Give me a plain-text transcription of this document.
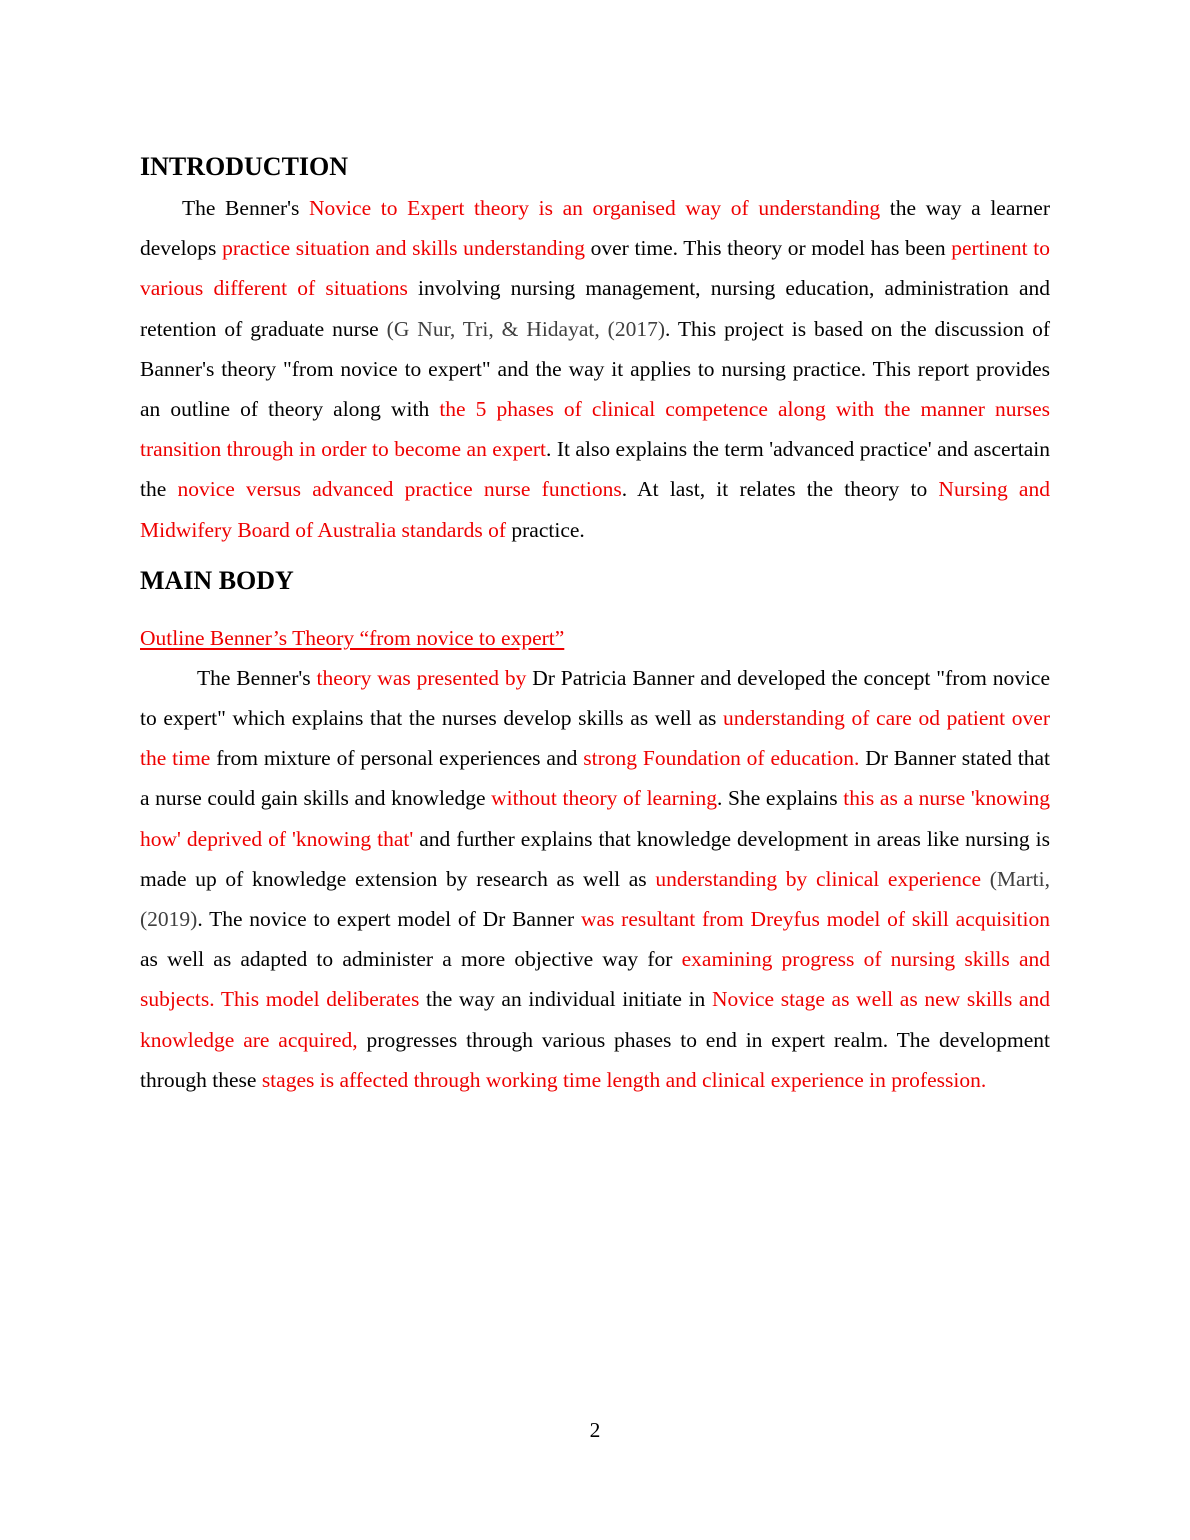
INTRODUCTION

The Benner's Novice to Expert theory is an organised way of understanding the way a learner develops practice situation and skills understanding over time. This theory or model has been pertinent to various different of situations involving nursing management, nursing education, administration and retention of graduate nurse (G Nur, Tri, & Hidayat, (2017). This project is based on the discussion of Banner's theory "from novice to expert" and the way it applies to nursing practice. This report provides an outline of theory along with the 5 phases of clinical competence along with the manner nurses transition through in order to become an expert. It also explains the term 'advanced practice' and ascertain the novice versus advanced practice nurse functions. At last, it relates the theory to Nursing and Midwifery Board of Australia standards of practice.

MAIN BODY

Outline Benner’s Theory “from novice to expert”

The Benner's theory was presented by Dr Patricia Banner and developed the concept "from novice to expert" which explains that the nurses develop skills as well as understanding of care od patient over the time from mixture of personal experiences and strong Foundation of education. Dr Banner stated that a nurse could gain skills and knowledge without theory of learning. She explains this as a nurse 'knowing how' deprived of 'knowing that' and further explains that knowledge development in areas like nursing is made up of knowledge extension by research as well as understanding by clinical experience (Marti, (2019). The novice to expert model of Dr Banner was resultant from Dreyfus model of skill acquisition as well as adapted to administer a more objective way for examining progress of nursing skills and subjects. This model deliberates the way an individual initiate in Novice stage as well as new skills and knowledge are acquired, progresses through various phases to end in expert realm. The development through these stages is affected through working time length and clinical experience in profession.

2
